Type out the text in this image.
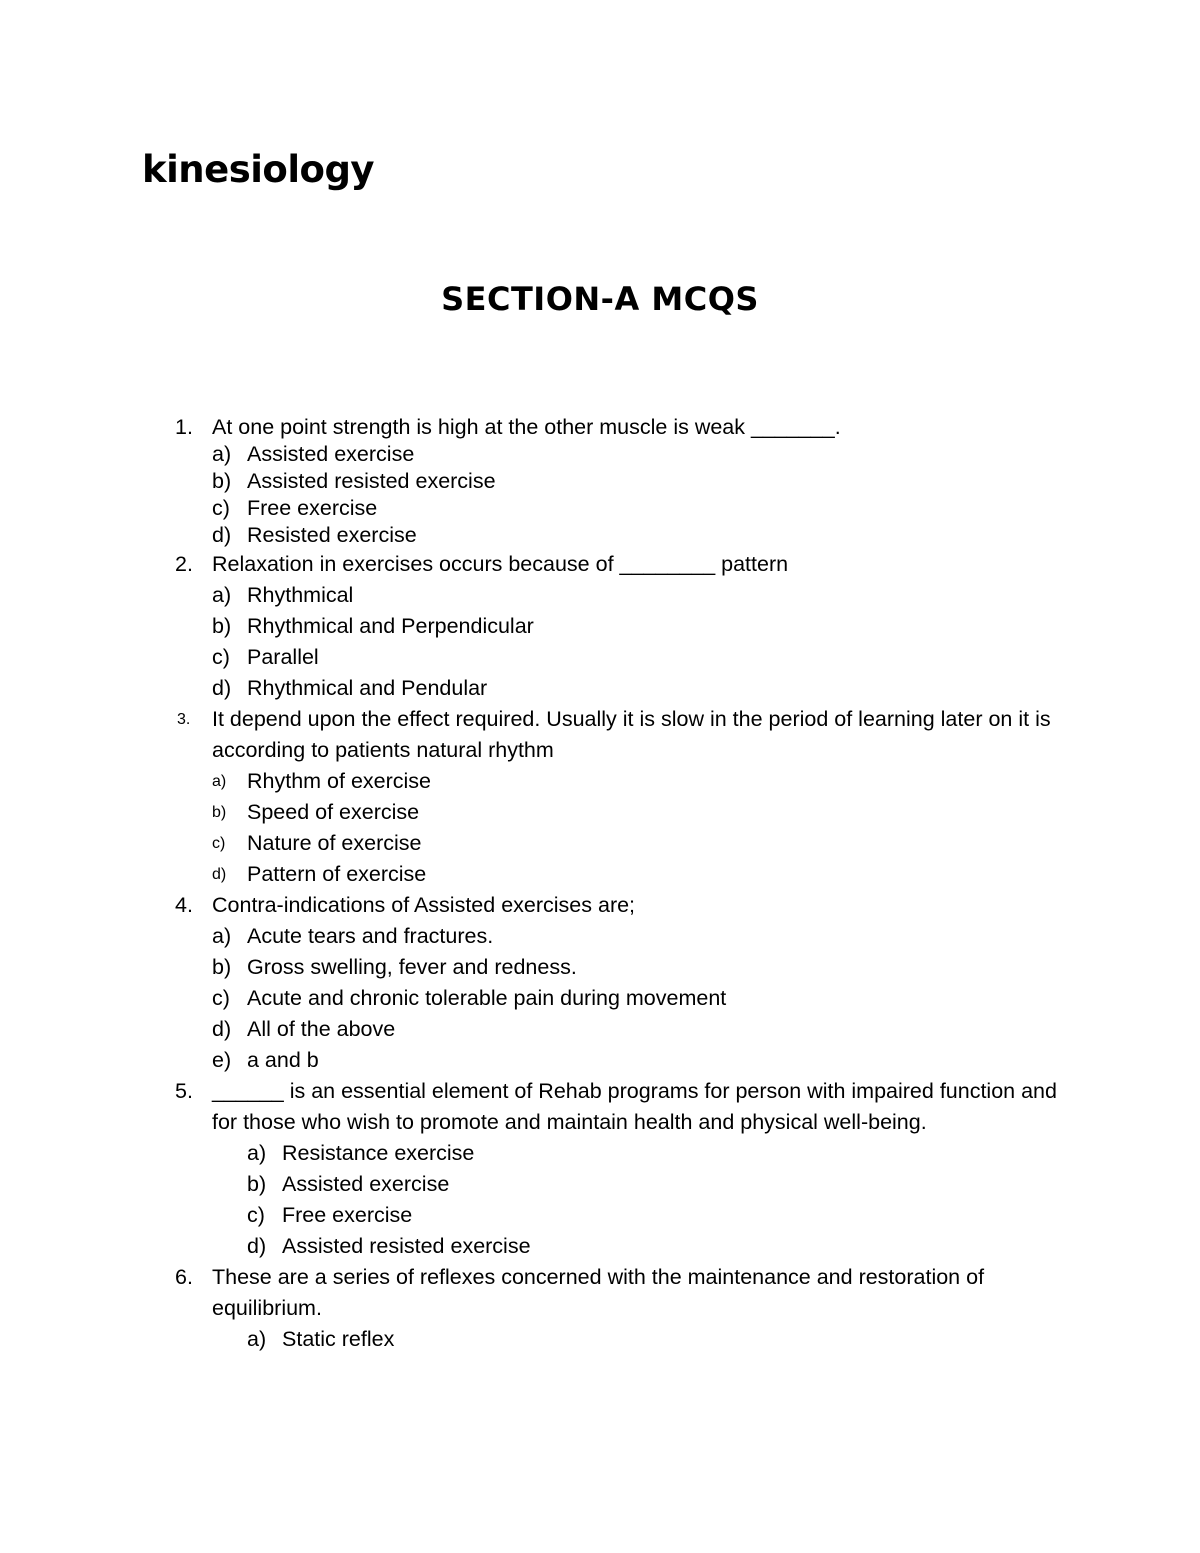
kinesiology
SECTION-A MCQS
1. At one point strength is high at the other muscle is weak _______.
a) Assisted exercise
b) Assisted resisted exercise
c) Free exercise
d) Resisted exercise
2. Relaxation in exercises occurs because of ________ pattern
a) Rhythmical
b) Rhythmical and Perpendicular
c) Parallel
d) Rhythmical and Pendular
3. It depend upon the effect required. Usually it is slow in the period of learning later on it is according to patients natural rhythm
a) Rhythm of exercise
b) Speed of exercise
c) Nature of exercise
d) Pattern of exercise
4. Contra-indications of Assisted exercises are;
a) Acute tears and fractures.
b) Gross swelling, fever and redness.
c) Acute and chronic tolerable pain during movement
d) All of the above
e) a and b
5. ______ is an essential element of Rehab programs for person with impaired function and for those who wish to promote and maintain health and physical well-being.
a) Resistance exercise
b) Assisted exercise
c) Free exercise
d) Assisted resisted exercise
6. These are a series of reflexes concerned with the maintenance and restoration of equilibrium.
a) Static reflex
